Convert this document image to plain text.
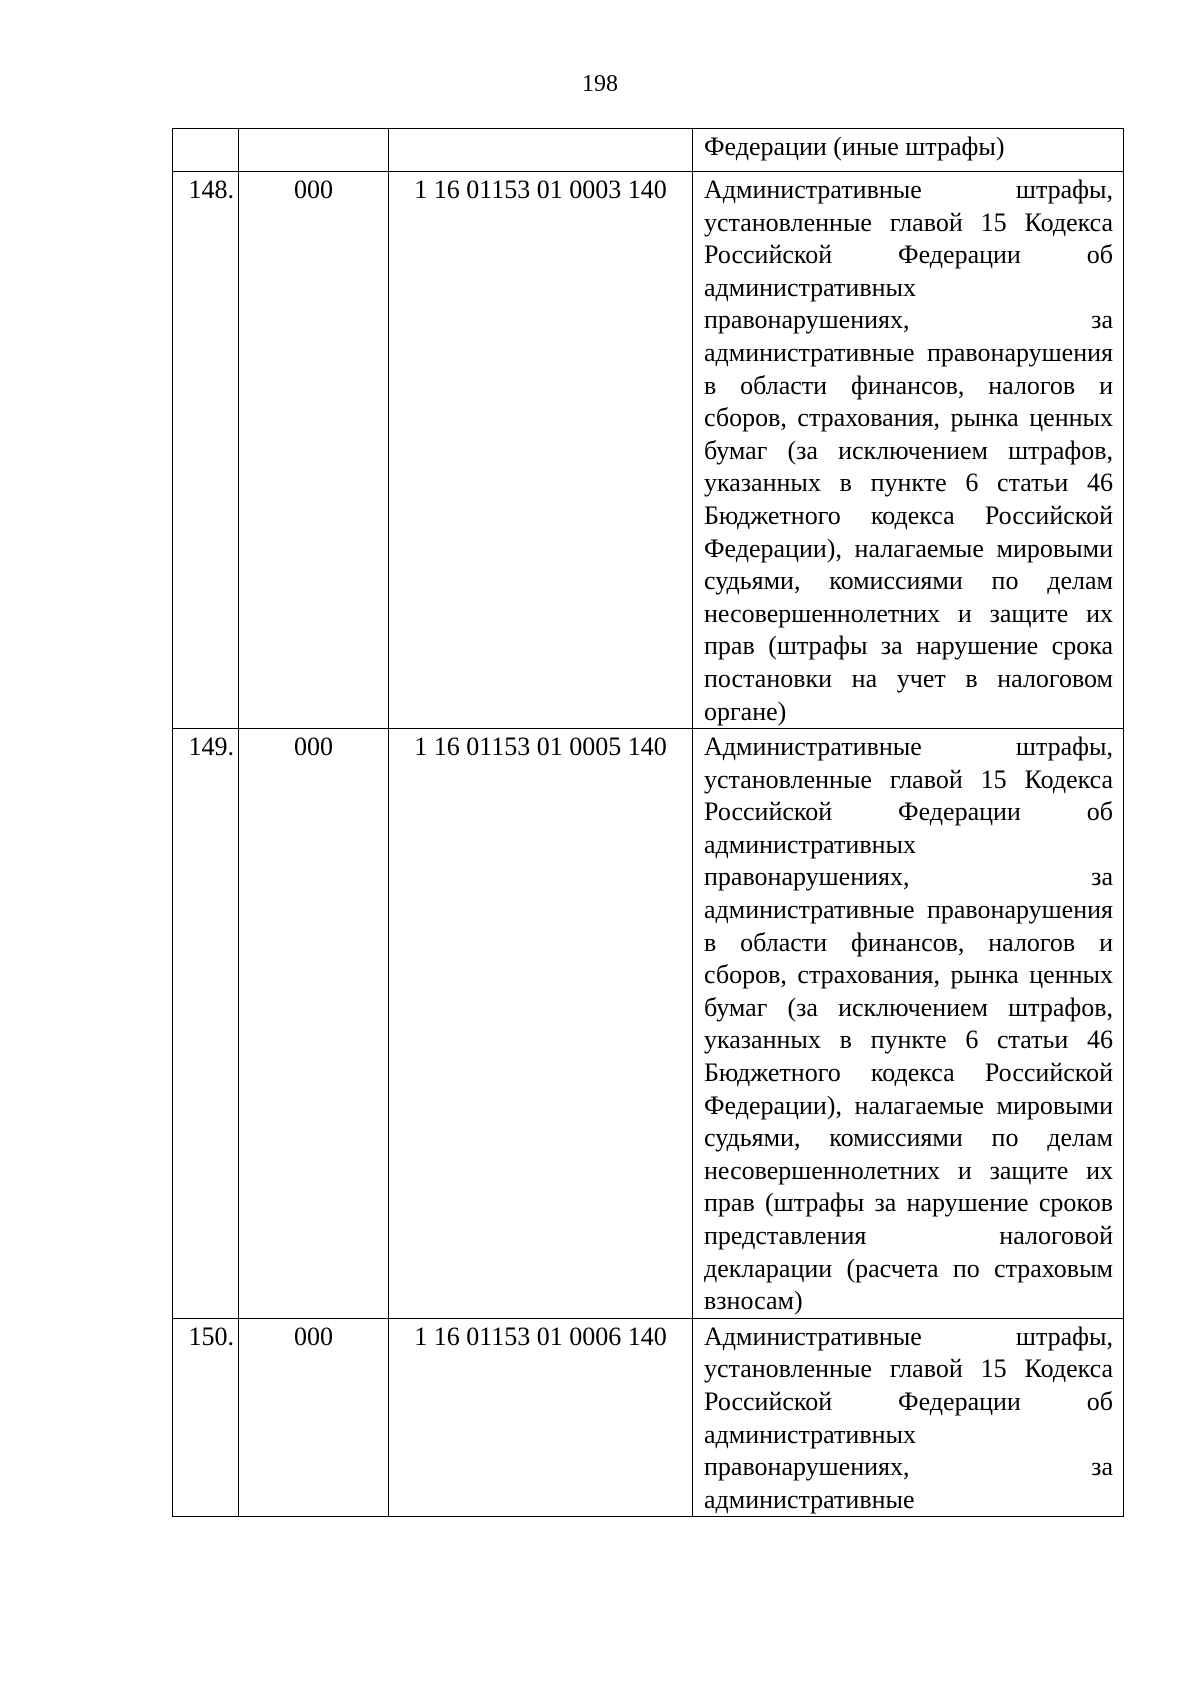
198
			Федерации (иные штрафы)
148.	000	1 16 01153 01 0003 140	Административные штрафы, установленные главой 15 Кодекса Российской Федерации об административных правонарушениях, за административные правонарушения в области финансов, налогов и сборов, страхования, рынка ценных бумаг (за исключением штрафов, указанных в пункте 6 статьи 46 Бюджетного кодекса Российской Федерации), налагаемые мировыми судьями, комиссиями по делам несовершеннолетних и защите их прав (штрафы за нарушение срока постановки на учет в налоговом органе)
149.	000	1 16 01153 01 0005 140	Административные штрафы, установленные главой 15 Кодекса Российской Федерации об административных правонарушениях, за административные правонарушения в области финансов, налогов и сборов, страхования, рынка ценных бумаг (за исключением штрафов, указанных в пункте 6 статьи 46 Бюджетного кодекса Российской Федерации), налагаемые мировыми судьями, комиссиями по делам несовершеннолетних и защите их прав (штрафы за нарушение сроков представления налоговой декларации (расчета по страховым взносам)
150.	000	1 16 01153 01 0006 140	Административные штрафы, установленные главой 15 Кодекса Российской Федерации об административных правонарушениях, за административные
